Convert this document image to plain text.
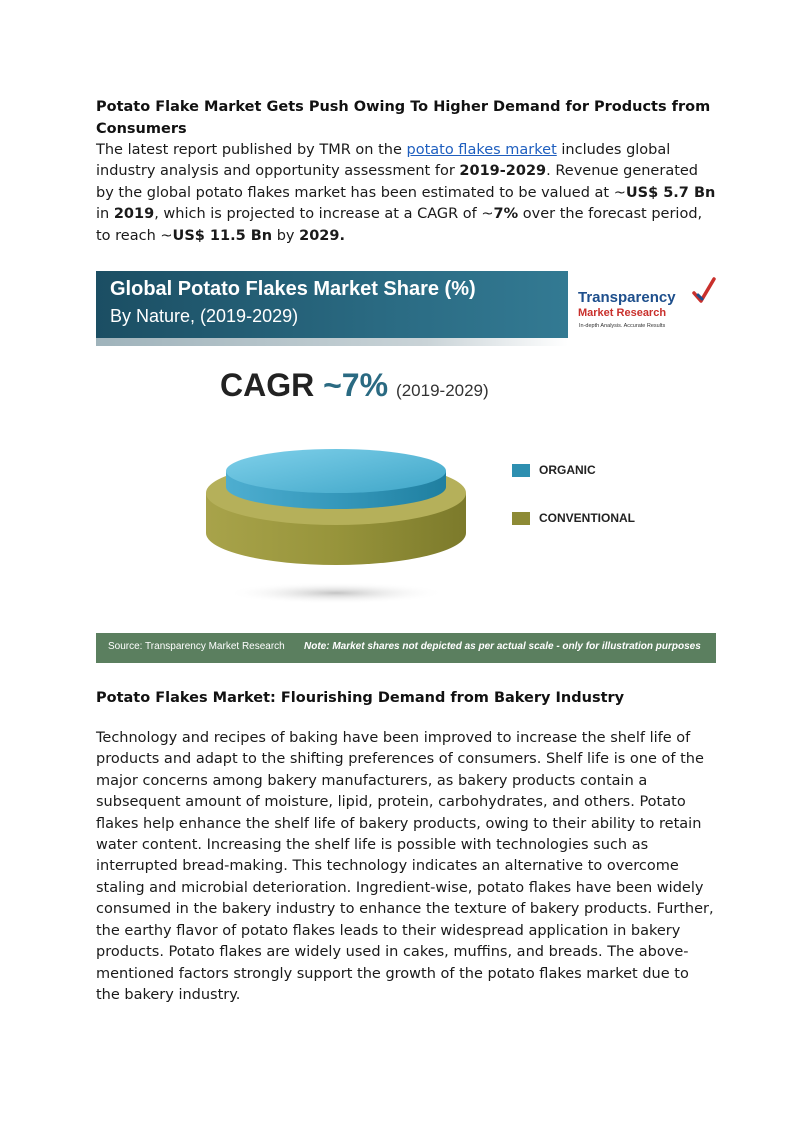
Potato Flake Market Gets Push Owing To Higher Demand for Products from Consumers

The latest report published by TMR on the potato flakes market includes global industry analysis and opportunity assessment for 2019-2029. Revenue generated by the global potato flakes market has been estimated to be valued at ~US$ 5.7 Bn in 2019, which is projected to increase at a CAGR of ~7% over the forecast period, to reach ~US$ 11.5 Bn by 2029.

Global Potato Flakes Market Share (%)
By Nature, (2019-2029)
Transparency
Market Research
In-depth Analysis. Accurate Results
CAGR ~7% (2019-2029)
ORGANIC
CONVENTIONAL
Source: Transparency Market Research Note: Market shares not depicted as per actual scale - only for illustration purposes
Potato Flakes Market: Flourishing Demand from Bakery Industry

Technology and recipes of baking have been improved to increase the shelf life of products and adapt to the shifting preferences of consumers. Shelf life is one of the major concerns among bakery manufacturers, as bakery products contain a subsequent amount of moisture, lipid, protein, carbohydrates, and others. Potato flakes help enhance the shelf life of bakery products, owing to their ability to retain water content. Increasing the shelf life is possible with technologies such as interrupted bread-making. This technology indicates an alternative to overcome staling and microbial deterioration. Ingredient-wise, potato flakes have been widely consumed in the bakery industry to enhance the texture of bakery products. Further, the earthy flavor of potato flakes leads to their widespread application in bakery products. Potato flakes are widely used in cakes, muffins, and breads. The above-mentioned factors strongly support the growth of the potato flakes market due to the bakery industry.
